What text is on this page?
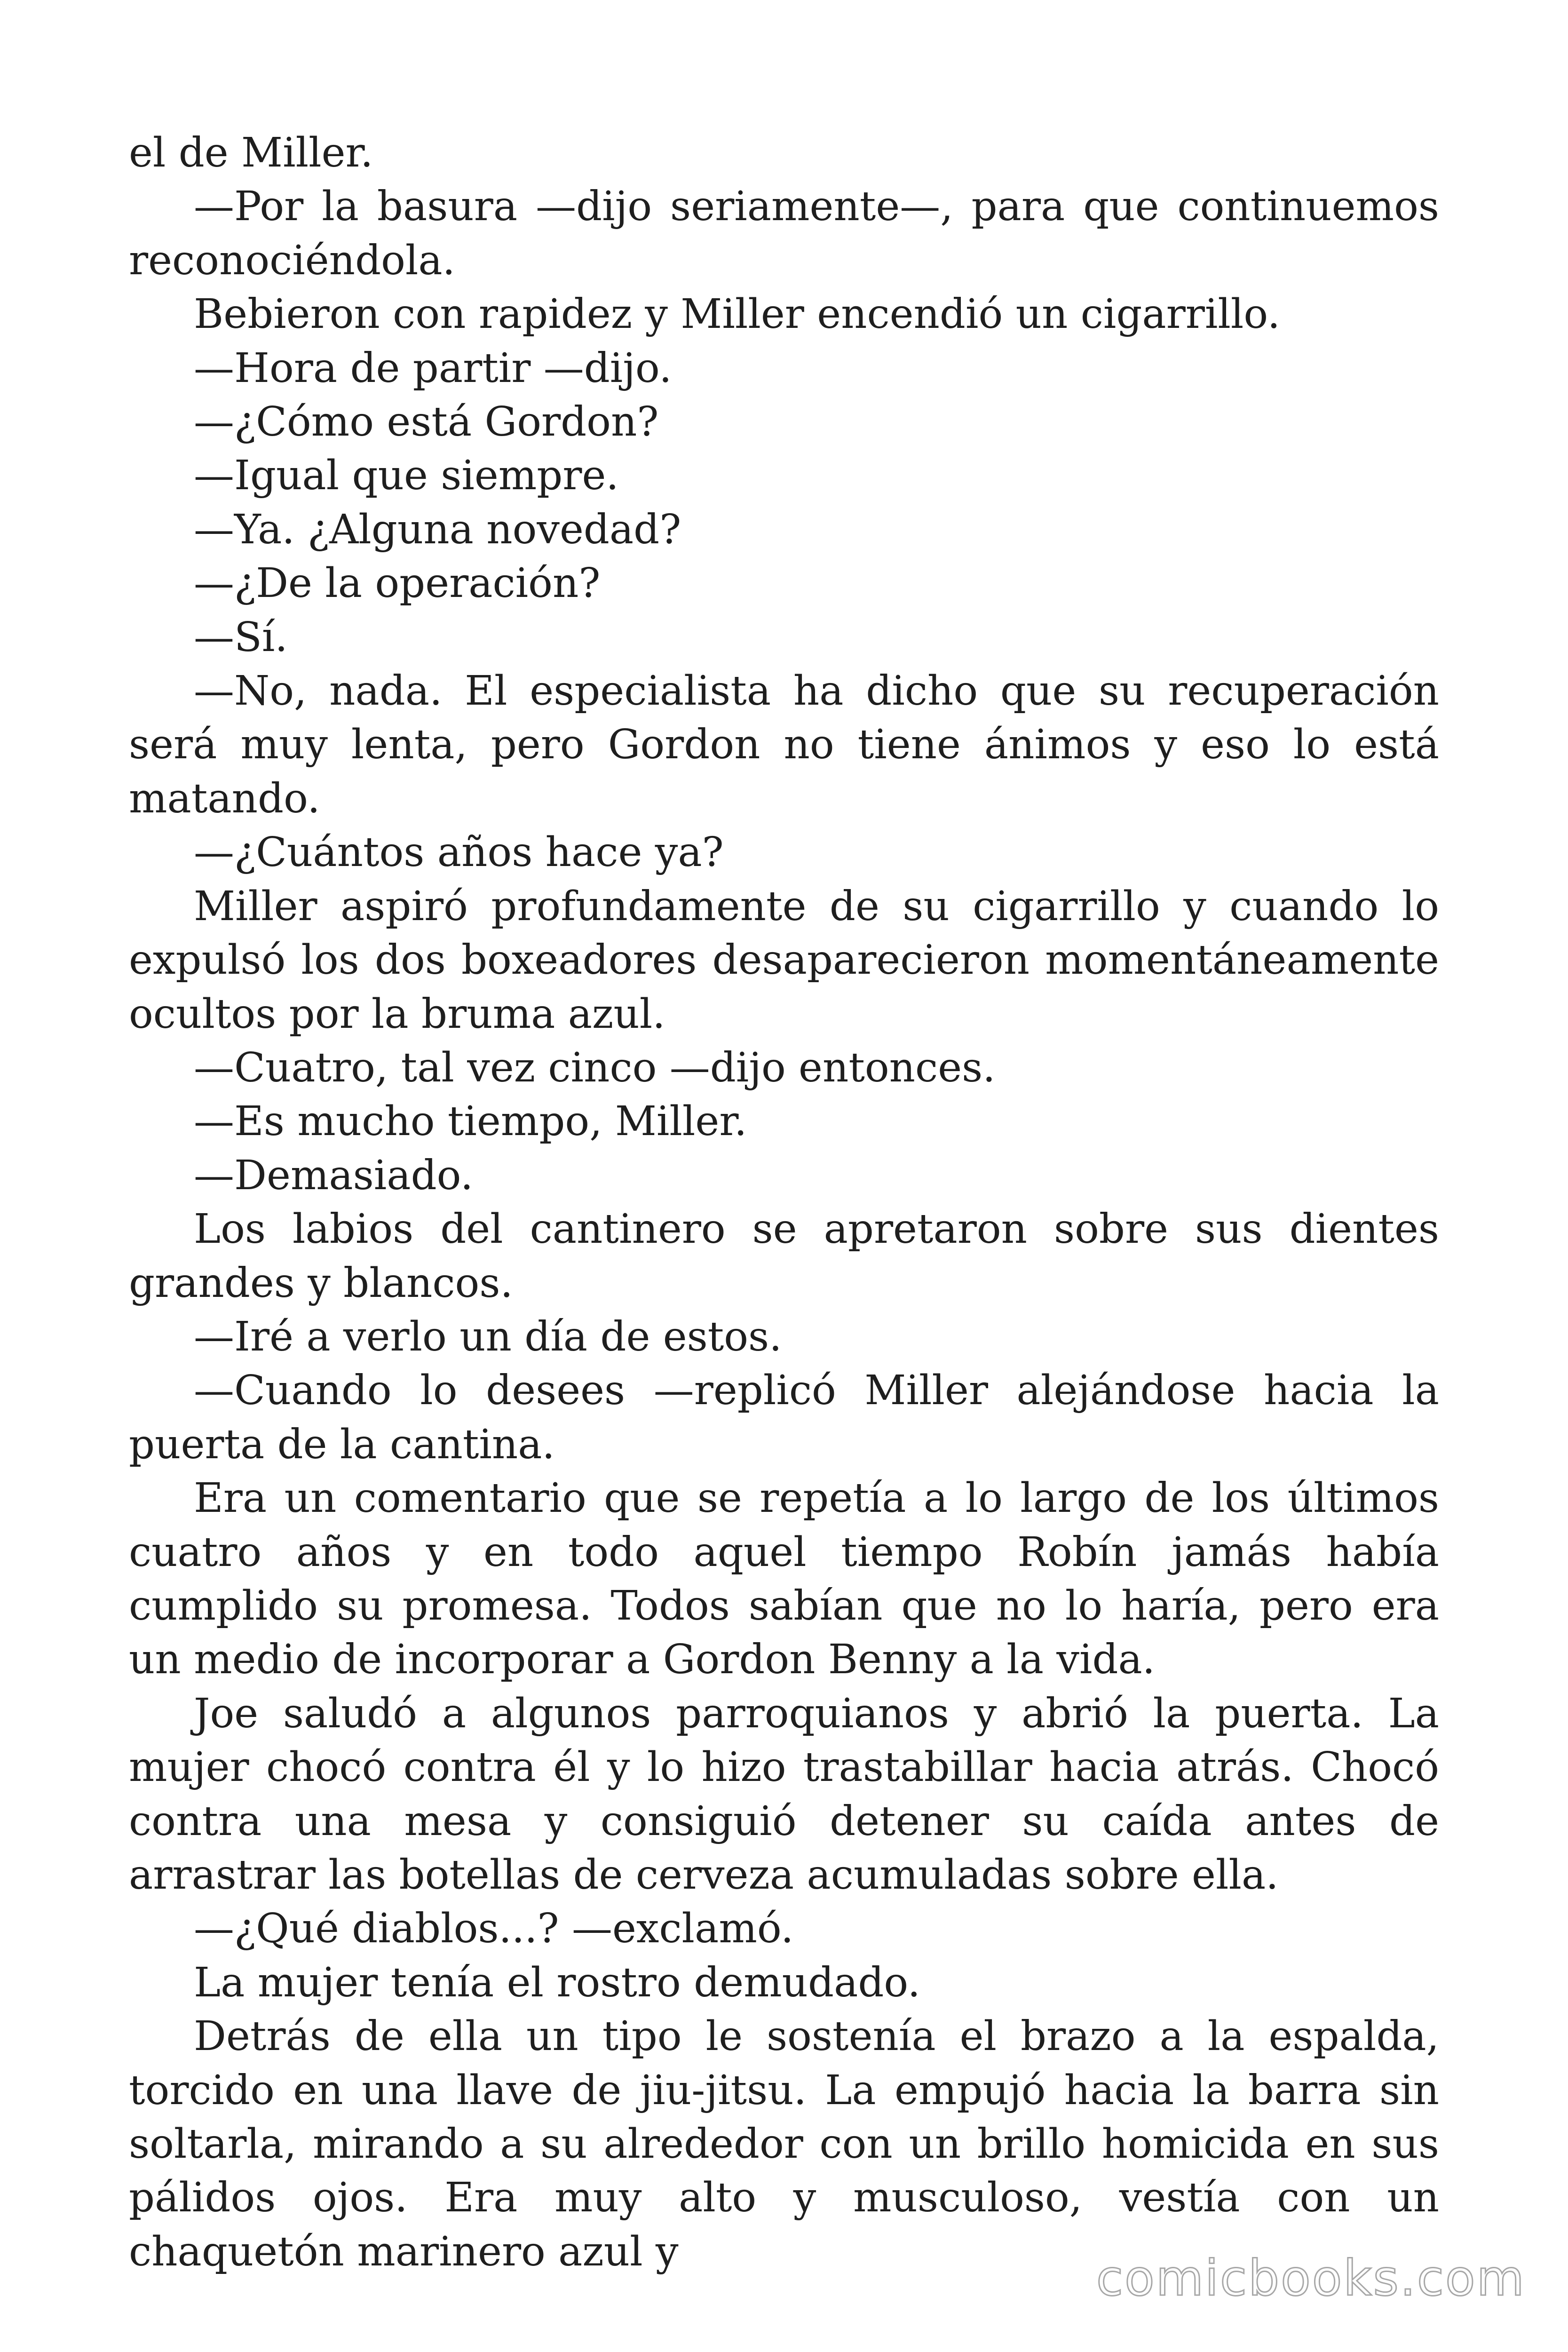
el de Miller.

—Por la basura —dijo seriamente—, para que continuemos reconociéndola.

Bebieron con rapidez y Miller encendió un cigarrillo.

—Hora de partir —dijo.

—¿Cómo está Gordon?

—Igual que siempre.

—Ya. ¿Alguna novedad?

—¿De la operación?

—Sí.

—No, nada. El especialista ha dicho que su recuperación será muy lenta, pero Gordon no tiene ánimos y eso lo está matando.

—¿Cuántos años hace ya?

Miller aspiró profundamente de su cigarrillo y cuando lo expulsó los dos boxeadores desaparecieron momentáneamente ocultos por la bruma azul.

—Cuatro, tal vez cinco —dijo entonces.

—Es mucho tiempo, Miller.

—Demasiado.

Los labios del cantinero se apretaron sobre sus dientes grandes y blancos.

—Iré a verlo un día de estos.

—Cuando lo desees —replicó Miller alejándose hacia la puerta de la cantina.

Era un comentario que se repetía a lo largo de los últimos cuatro años y en todo aquel tiempo Robín jamás había cumplido su promesa. Todos sabían que no lo haría, pero era un medio de incorporar a Gordon Benny a la vida.

Joe saludó a algunos parroquianos y abrió la puerta. La mujer chocó contra él y lo hizo trastabillar hacia atrás. Chocó contra una mesa y consiguió detener su caída antes de arrastrar las botellas de cerveza acumuladas sobre ella.

—¿Qué diablos...? —exclamó.

La mujer tenía el rostro demudado.

Detrás de ella un tipo le sostenía el brazo a la espalda, torcido en una llave de jiu-jitsu. La empujó hacia la barra sin soltarla, mirando a su alrededor con un brillo homicida en sus pálidos ojos. Era muy alto y musculoso, vestía con un chaquetón marinero azul y	comicbooks.com
